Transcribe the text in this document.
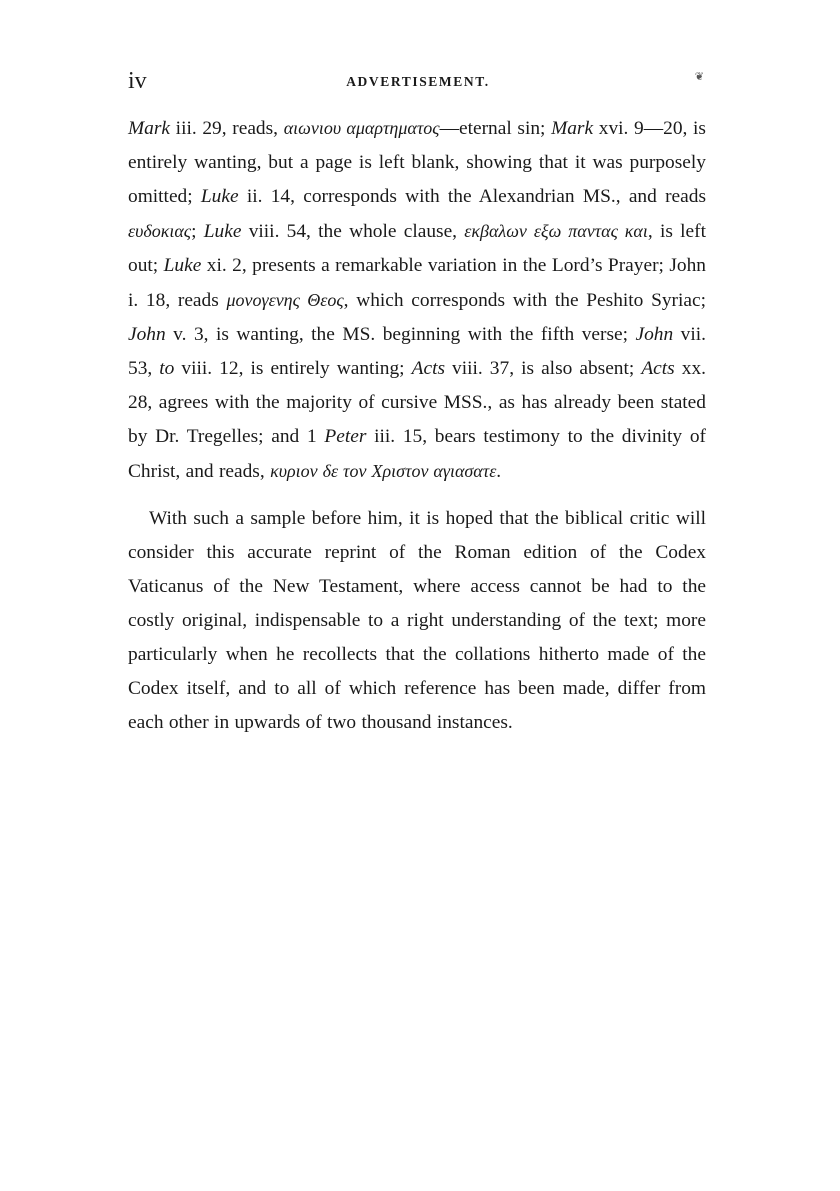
iv	ADVERTISEMENT.	❦

Mark iii. 29, reads, αιωνιου αμαρτηματος—eternal sin; Mark xvi. 9—20, is entirely wanting, but a page is left blank, showing that it was purposely omitted; Luke ii. 14, corresponds with the Alexandrian MS., and reads ευδοκιας; Luke viii. 54, the whole clause, εκβαλων εξω παντας και, is left out; Luke xi. 2, presents a remarkable variation in the Lord’s Prayer; John i. 18, reads μονογενης Θεος, which corresponds with the Peshito Syriac; John v. 3, is wanting, the MS. beginning with the fifth verse; John vii. 53, to viii. 12, is entirely wanting; Acts viii. 37, is also absent; Acts xx. 28, agrees with the majority of cursive MSS., as has already been stated by Dr. Tregelles; and 1 Peter iii. 15, bears testimony to the divinity of Christ, and reads, κυριον δε τον Χριστον αγιασατε.

With such a sample before him, it is hoped that the biblical critic will consider this accurate reprint of the Roman edition of the Codex Vaticanus of the New Testament, where access cannot be had to the costly original, indispensable to a right understanding of the text; more particularly when he recollects that the collations hitherto made of the Codex itself, and to all of which reference has been made, differ from each other in upwards of two thousand instances.
